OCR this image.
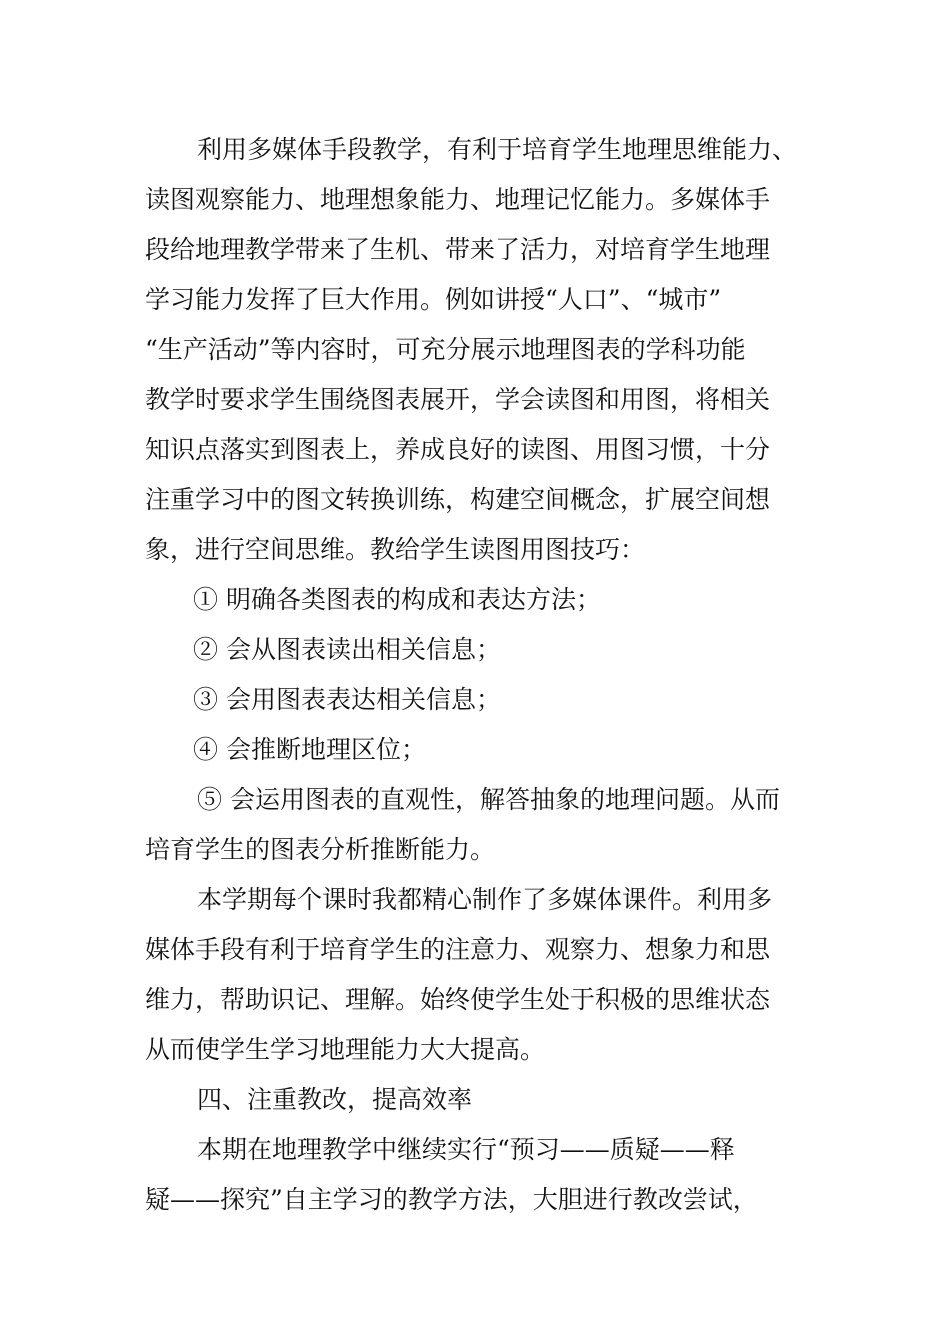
利用多媒体手段教学，有利于培育学生地理思维能力、
读图观察能力、地理想象能力、地理记忆能力。多媒体手
段给地理教学带来了生机、带来了活力，对培育学生地理
学习能力发挥了巨大作用。例如讲授“人口”、“城市”
“生产活动”等内容时，可充分展示地理图表的学科功能
教学时要求学生围绕图表展开，学会读图和用图，将相关
知识点落实到图表上，养成良好的读图、用图习惯，十分
注重学习中的图文转换训练，构建空间概念，扩展空间想
象，进行空间思维。教给学生读图用图技巧：
① 明确各类图表的构成和表达方法；
② 会从图表读出相关信息；
③ 会用图表表达相关信息；
④ 会推断地理区位；
⑤ 会运用图表的直观性，解答抽象的地理问题。从而
培育学生的图表分析推断能力。
本学期每个课时我都精心制作了多媒体课件。利用多
媒体手段有利于培育学生的注意力、观察力、想象力和思
维力，帮助识记、理解。始终使学生处于积极的思维状态
从而使学生学习地理能力大大提高。
四、注重教改，提高效率
本期在地理教学中继续实行“预习——质疑——释
疑——探究”自主学习的教学方法，大胆进行教改尝试，
